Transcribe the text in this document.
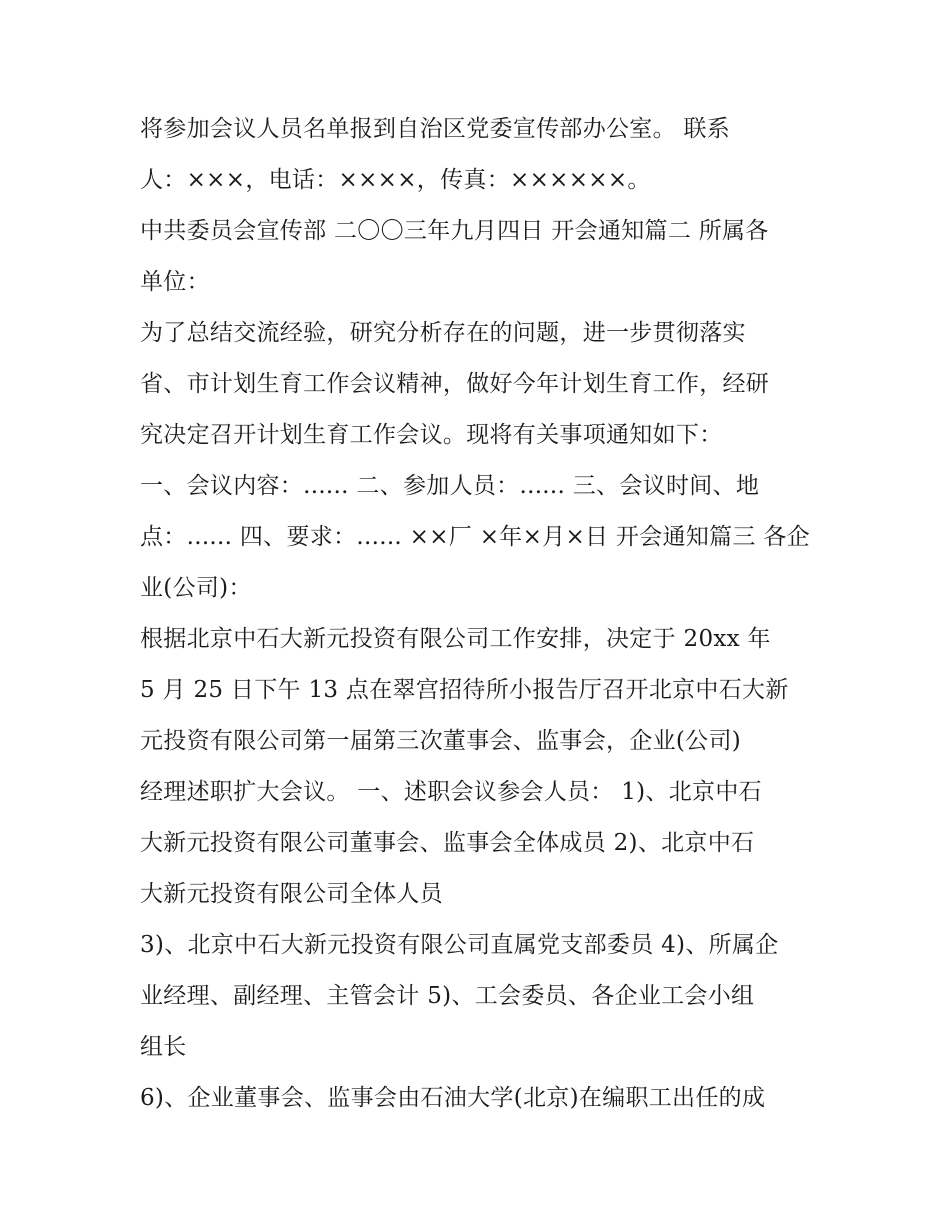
将参加会议人员名单报到自治区党委宣传部办公室。 联系
人：×××，电话：××××，传真：××××××。
中共委员会宣传部 二〇〇三年九月四日 开会通知篇二 所属各
单位：
为了总结交流经验，研究分析存在的问题，进一步贯彻落实
省、市计划生育工作会议精神，做好今年计划生育工作，经研
究决定召开计划生育工作会议。现将有关事项通知如下：
一、会议内容：...... 二、参加人员：...... 三、会议时间、地
点：...... 四、要求：...... ××厂 ×年×月×日 开会通知篇三 各企
业(公司)：
根据北京中石大新元投资有限公司工作安排，决定于 20xx 年
5 月 25 日下午 13 点在翠宫招待所小报告厅召开北京中石大新
元投资有限公司第一届第三次董事会、监事会，企业(公司)
经理述职扩大会议。 一、述职会议参会人员： 1)、北京中石
大新元投资有限公司董事会、监事会全体成员 2)、北京中石
大新元投资有限公司全体人员
3)、北京中石大新元投资有限公司直属党支部委员 4)、所属企
业经理、副经理、主管会计 5)、工会委员、各企业工会小组
组长
6)、企业董事会、监事会由石油大学(北京)在编职工出任的成
